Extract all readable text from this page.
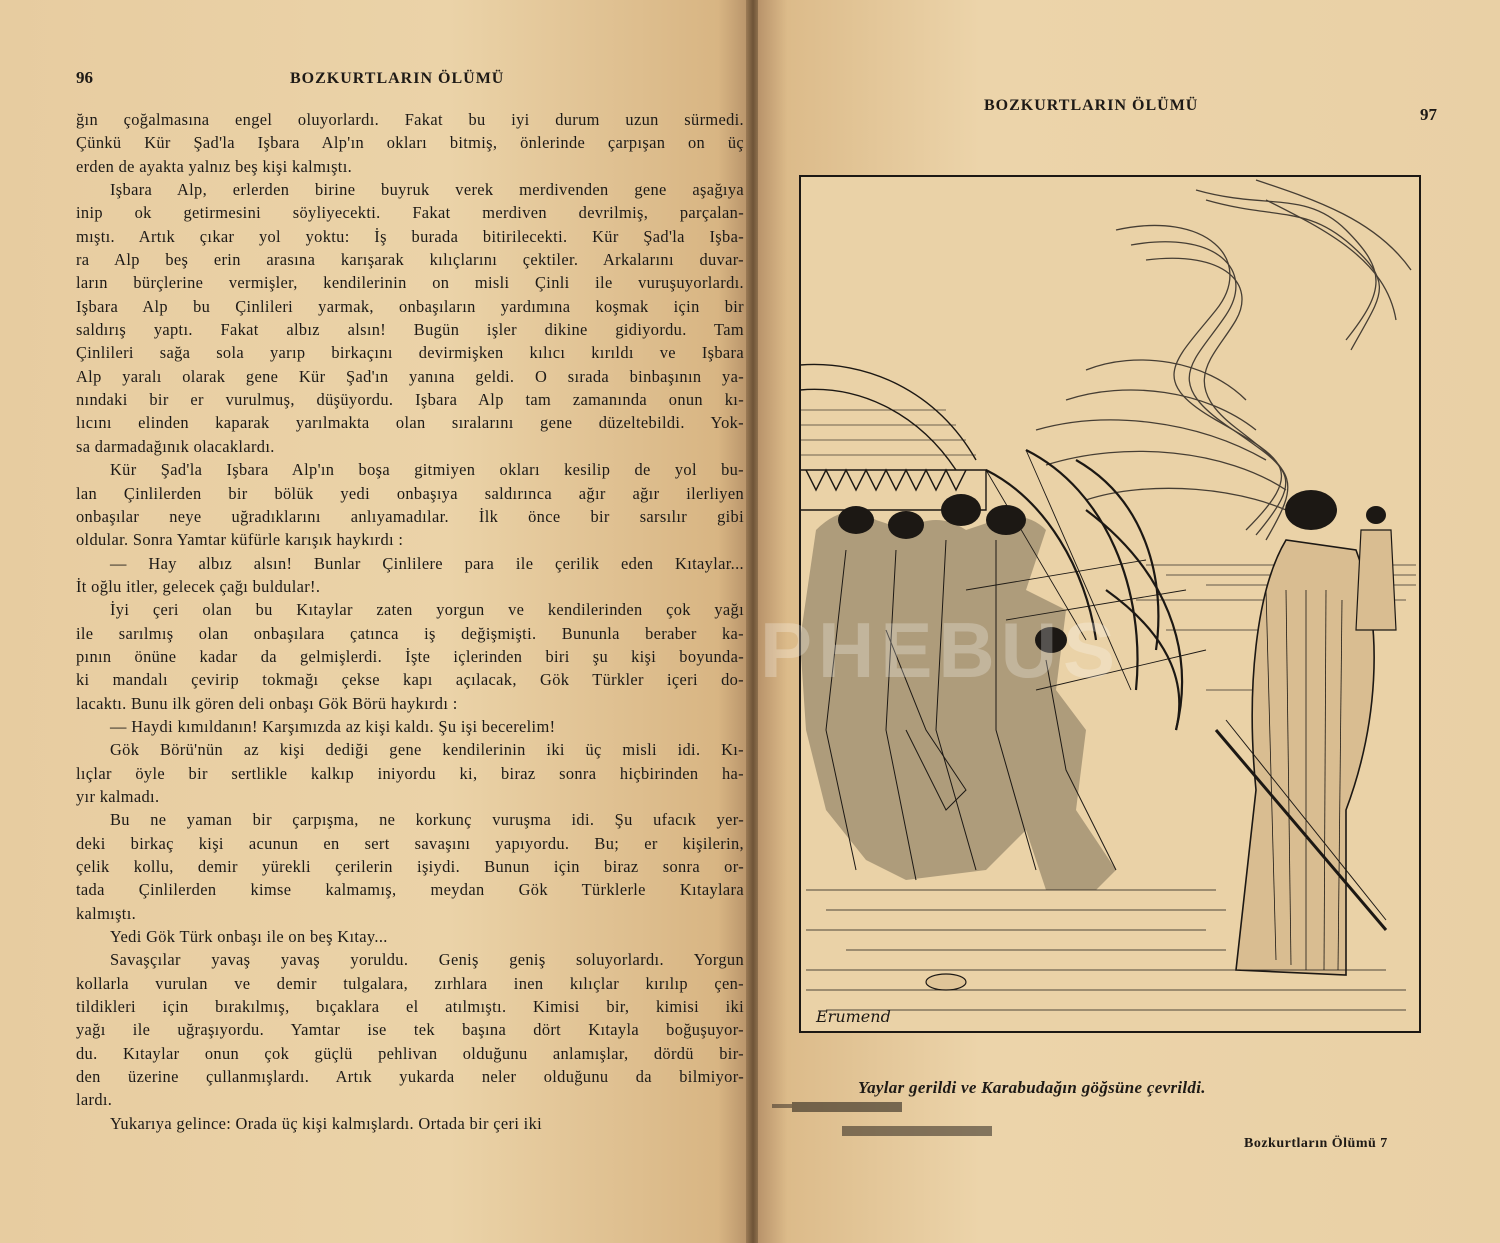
96	BOZKURTLARIN ÖLÜMÜ

ğın çoğalmasına engel oluyorlardı. Fakat bu iyi durum uzun sürmedi.

Çünkü Kür Şad'la Işbara Alp'ın okları bitmiş, önlerinde çarpışan on üç

erden de ayakta yalnız beş kişi kalmıştı.

Işbara Alp, erlerden birine buyruk verek merdivenden gene aşağıya

inip ok getirmesini söyliyecekti. Fakat merdiven devrilmiş, parçalan-

mıştı. Artık çıkar yol yoktu: İş burada bitirilecekti. Kür Şad'la Işba-

ra Alp beş erin arasına karışarak kılıçlarını çektiler. Arkalarını duvar-

ların bürçlerine vermişler, kendilerinin on misli Çinli ile vuruşuyorlardı.

Işbara Alp bu Çinlileri yarmak, onbaşıların yardımına koşmak için bir

saldırış yaptı. Fakat albız alsın! Bugün işler dikine gidiyordu. Tam

Çinlileri sağa sola yarıp birkaçını devirmişken kılıcı kırıldı ve Işbara

Alp yaralı olarak gene Kür Şad'ın yanına geldi. O sırada binbaşının ya-

nındaki bir er vurulmuş, düşüyordu. Işbara Alp tam zamanında onun kı-

lıcını elinden kaparak yarılmakta olan sıralarını gene düzeltebildi. Yok-

sa darmadağınık olacaklardı.

Kür Şad'la Işbara Alp'ın boşa gitmiyen okları kesilip de yol bu-

lan Çinlilerden bir bölük yedi onbaşıya saldırınca ağır ağır ilerliyen

onbaşılar neye uğradıklarını anlıyamadılar. İlk önce bir sarsılır gibi

oldular. Sonra Yamtar küfürle karışık haykırdı :

— Hay albız alsın! Bunlar Çinlilere para ile çerilik eden Kıtaylar...

İt oğlu itler, gelecek çağı buldular!.

İyi çeri olan bu Kıtaylar zaten yorgun ve kendilerinden çok yağı

ile sarılmış olan onbaşılara çatınca iş değişmişti. Bununla beraber ka-

pının önüne kadar da gelmişlerdi. İşte içlerinden biri şu kişi boyunda-

ki mandalı çevirip tokmağı çekse kapı açılacak, Gök Türkler içeri do-

lacaktı. Bunu ilk gören deli onbaşı Gök Börü haykırdı :

— Haydi kımıldanın! Karşımızda az kişi kaldı. Şu işi becerelim!

Gök Börü'nün az kişi dediği gene kendilerinin iki üç misli idi. Kı-

lıçlar öyle bir sertlikle kalkıp iniyordu ki, biraz sonra hiçbirinden ha-

yır kalmadı.

Bu ne yaman bir çarpışma, ne korkunç vuruşma idi. Şu ufacık yer-

deki birkaç kişi acunun en sert savaşını yapıyordu. Bu; er kişilerin,

çelik kollu, demir yürekli çerilerin işiydi. Bunun için biraz sonra or-

tada Çinlilerden kimse kalmamış, meydan Gök Türklerle Kıtaylara

kalmıştı.

Yedi Gök Türk onbaşı ile on beş Kıtay...

Savaşçılar yavaş yavaş yoruldu. Geniş geniş soluyorlardı. Yorgun

kollarla vurulan ve demir tulgalara, zırhlara inen kılıçlar kırılıp çen-

tildikleri için bırakılmış, bıçaklara el atılmıştı. Kimisi bir, kimisi iki

yağı ile uğraşıyordu. Yamtar ise tek başına dört Kıtayla boğuşuyor-

du. Kıtaylar onun çok güçlü pehlivan olduğunu anlamışlar, dördü bir-

den üzerine çullanmışlardı. Artık yukarda neler olduğunu da bilmiyor-

lardı.

Yukarıya gelince: Orada üç kişi kalmışlardı. Ortada bir çeri iki

BOZKURTLARIN ÖLÜMÜ	97
Erumend
Yaylar gerildi ve Karabudağın göğsüne çevrildi.
Bozkurtların Ölümü 7
PHEBUS
